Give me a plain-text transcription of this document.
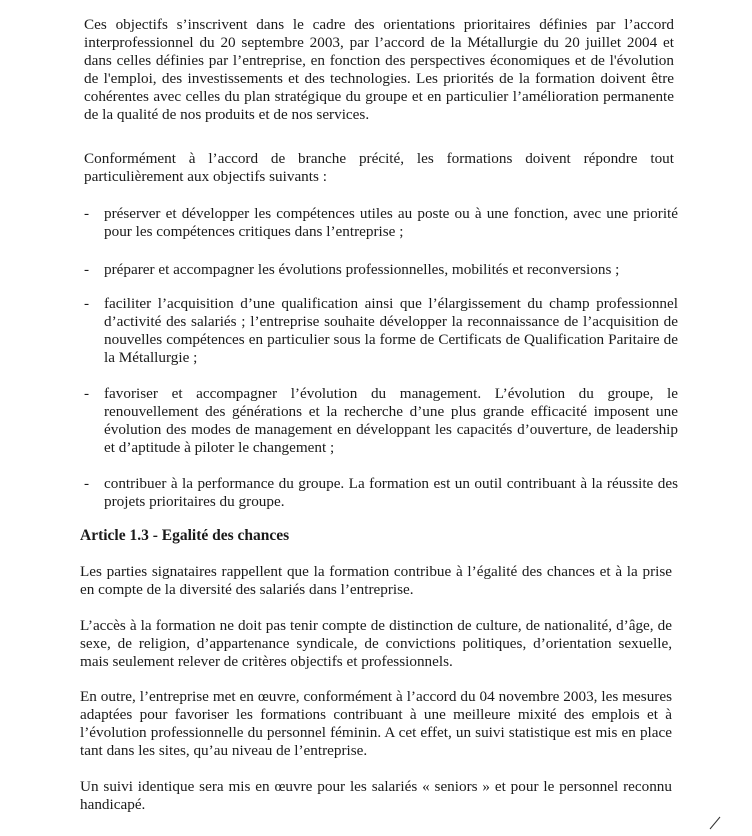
Ces objectifs s’inscrivent dans le cadre des orientations prioritaires définies par l’accord interprofessionnel du 20 septembre 2003, par l’accord de la Métallurgie du 20 juillet 2004 et dans celles définies par l’entreprise, en fonction des perspectives économiques et de l'évolution de l'emploi, des investissements et des technologies. Les priorités de la formation doivent être cohérentes avec celles du plan stratégique du groupe et en particulier l’amélioration permanente de la qualité de nos produits et de nos services.

Conformément à l’accord de branche précité, les formations doivent répondre tout particulièrement aux objectifs suivants :

- préserver et développer les compétences utiles au poste ou à une fonction, avec une priorité pour les compétences critiques dans l’entreprise ;
- préparer et accompagner les évolutions professionnelles, mobilités et reconversions ;
- faciliter l’acquisition d’une qualification ainsi que l’élargissement du champ professionnel d’activité des salariés ; l’entreprise souhaite développer la reconnaissance de l’acquisition de nouvelles compétences en particulier sous la forme de Certificats de Qualification Paritaire de la Métallurgie ;
- favoriser et accompagner l’évolution du management. L’évolution du groupe, le renouvellement des générations et la recherche d’une plus grande efficacité imposent une évolution des modes de management en développant les capacités d’ouverture, de leadership et d’aptitude à piloter le changement ;
- contribuer à la performance du groupe. La formation est un outil contribuant à la réussite des projets prioritaires du groupe.
Article 1.3 - Egalité des chances

Les parties signataires rappellent que la formation contribue à l’égalité des chances et à la prise en compte de la diversité des salariés dans l’entreprise.

L’accès à la formation ne doit pas tenir compte de distinction de culture, de nationalité, d’âge, de sexe, de religion, d’appartenance syndicale, de convictions politiques, d’orientation sexuelle, mais seulement relever de critères objectifs et professionnels.

En outre, l’entreprise met en œuvre, conformément à l’accord du 04 novembre 2003, les mesures adaptées pour favoriser les formations contribuant à une meilleure mixité des emplois et à l’évolution professionnelle du personnel féminin. A cet effet, un suivi statistique est mis en place tant dans les sites, qu’au niveau de l’entreprise.

Un suivi identique sera mis en œuvre pour les salariés « seniors » et pour le personnel reconnu handicapé.
